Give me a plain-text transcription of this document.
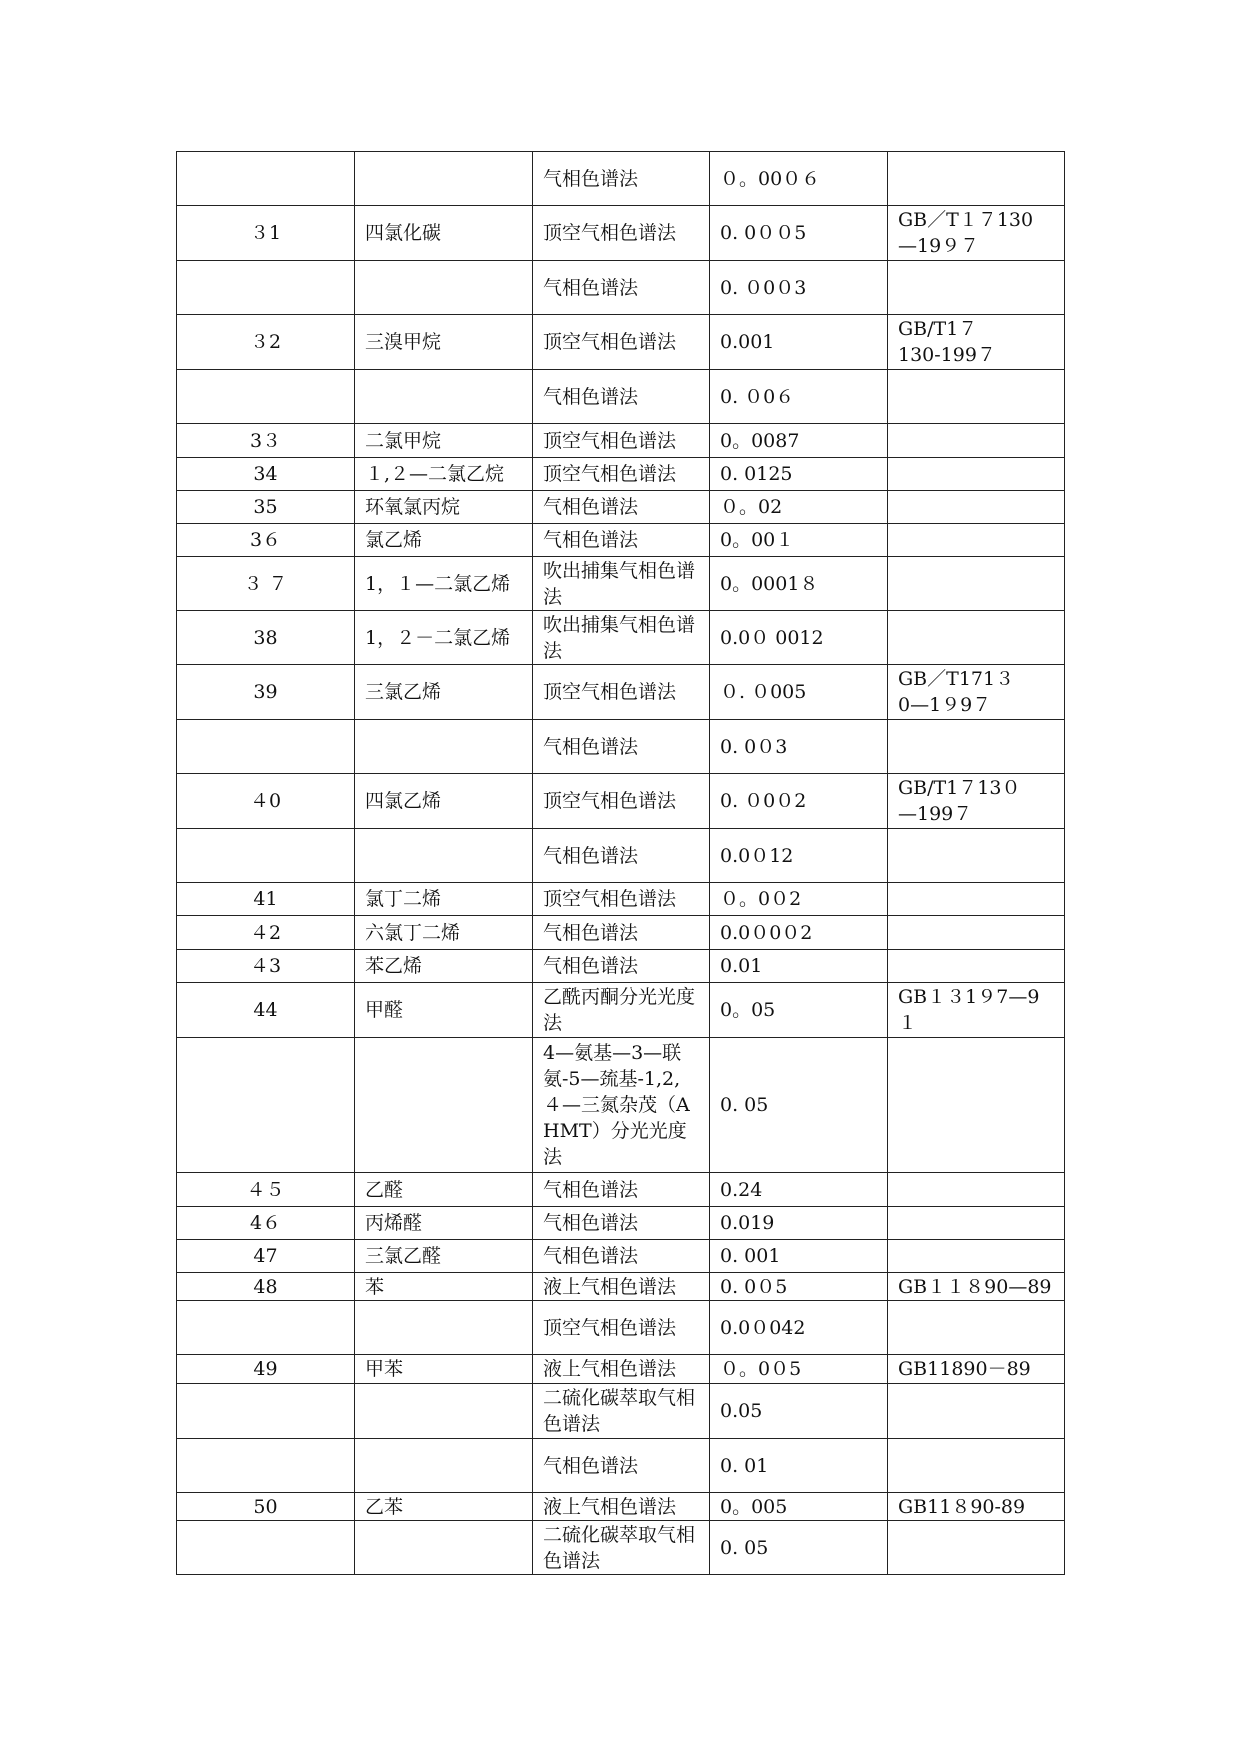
		气相色谱法	０。00０６	
３1	四氯化碳	顶空气相色谱法	0. 0００5	GB／T１７130
—19９７
		气相色谱法	0. ０0０3	
３2	三溴甲烷	顶空气相色谱法	0.001	GB/T1７
130-199７
		气相色谱法	0. ０0６	
3３	二氯甲烷	顶空气相色谱法	0。0087	
34	１,２—二氯乙烷	顶空气相色谱法	0. 0125	
35	环氧氯丙烷	气相色谱法	０。02	
3６	氯乙烯	气相色谱法	0。00１	
３ ７	1，１—二氯乙烯	吹出捕集气相色谱法	0。0001８	
38	1，２－二氯乙烯	吹出捕集气相色谱法	0.0０ 0012	
39	三氯乙烯	顶空气相色谱法	０. ０005	GB／T171３
0—1９9７
		气相色谱法	0. 0０3	
４0	四氯乙烯	顶空气相色谱法	0. ０0０2	GB/T1７13０
—199７
		气相色谱法	0.0０12	
41	氯丁二烯	顶空气相色谱法	０。0０2	
４2	六氯丁二烯	气相色谱法	0.0０0０2	
４3	苯乙烯	气相色谱法	0.01	
44	甲醛	乙酰丙酮分光光度法	0。05	GB１３1９7—9
１
		4—氨基—3—联氨-5—巯基-1,2,４—三氮杂茂（AHMT）分光光度法	0. 05	
４５	乙醛	气相色谱法	0.24	
4６	丙烯醛	气相色谱法	0.019	
47	三氯乙醛	气相色谱法	0. 001	
48	苯	液上气相色谱法	0. 0０5	GB１１８90—89
		顶空气相色谱法	0.0０042	
49	甲苯	液上气相色谱法	０。0０5	GB11890－89
		二硫化碳萃取气相色谱法	0.05	
		气相色谱法	0. 01	
50	乙苯	液上气相色谱法	0。005	GB11８90-89
		二硫化碳萃取气相色谱法	0. 05	
